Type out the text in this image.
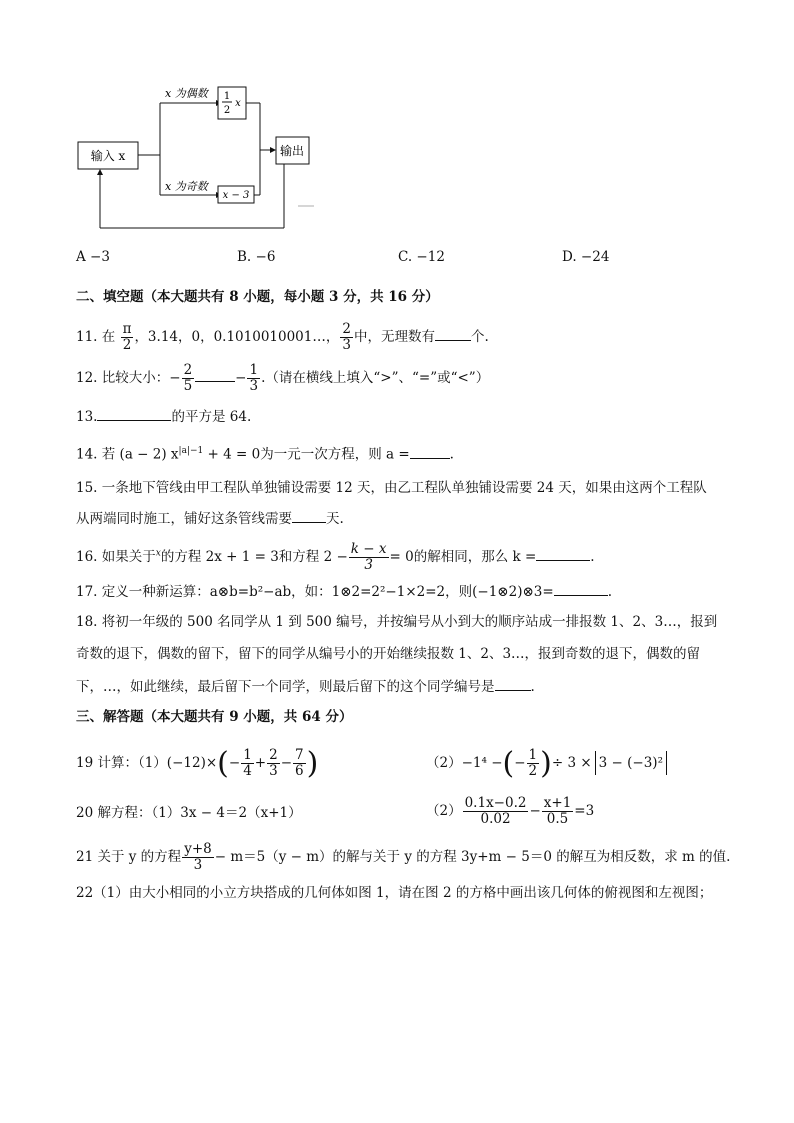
输入 x
x 为偶数 1
2
x
x 为奇数
x − 3
输出
A −3	B. −6	C. −12	D. −24
二、填空题（本大题共有 8 小题，每小题 3 分，共 16 分）
11. 在 $\frac{\pi}{2}$ ，3.14，0，0.1010010001…， $\frac{2}{3}$ 中，无理数有	个.
12. 比较大小：− $\frac{2}{5}$	− $\frac{1}{3}$ .（请在横线上填入“>”、“=”或“<”）
13.	的平方是 64.
14. 若 (a − 2) $x^{|a|-1} + 4 = 0$为一元一次方程，则 a =	.
15. 一条地下管线由甲工程队单独铺设需要 12 天，由乙工程队单独铺设需要 24 天，如果由这两个工程队
从两端同时施工，铺好这条管线需要	天.
16. 如果关于$^x$的方程 2x + 1 = 3和方程 $2 - \frac{k - x}{3} = 0$的解相同，那么 k =	.
17. 定义一种新运算：a⊗b=b²−ab，如：1⊗2=2²−1×2=2，则(−1⊗2)⊗3=	.
18. 将初一年级的 500 名同学从 1 到 500 编号，并按编号从小到大的顺序站成一排报数 1、2、3…，报到
奇数的退下，偶数的留下，留下的同学从编号小的开始继续报数 1、2、3…，报到奇数的退下，偶数的留
下，…，如此继续，最后留下一个同学，则最后留下的这个同学编号是	.
三、解答题（本大题共有 9 小题，共 64 分）
19 计算：$(1)(-12)\times(- \frac{1}{4} + \frac{2}{3} - \frac{7}{6}$ )	（2）−1⁴ −(− $\frac{1}{2}$ )÷ 3 × 3 − (−3)²
20 解方程：（1）3x − 4＝2（x+1）	$(2) \frac{0.1x-0.2}{0.02} - \frac{x+1}{0.5} =3$
21 关于 y 的方程 $\frac{y+8}{3} - m=5(y - m)$的解与关于 y 的方程 3y+m − 5＝0 的解互为相反数，求 m 的值.
22（1）由大小相同的小立方块搭成的几何体如图 1，请在图 2 的方格中画出该几何体的俯视图和左视图；
